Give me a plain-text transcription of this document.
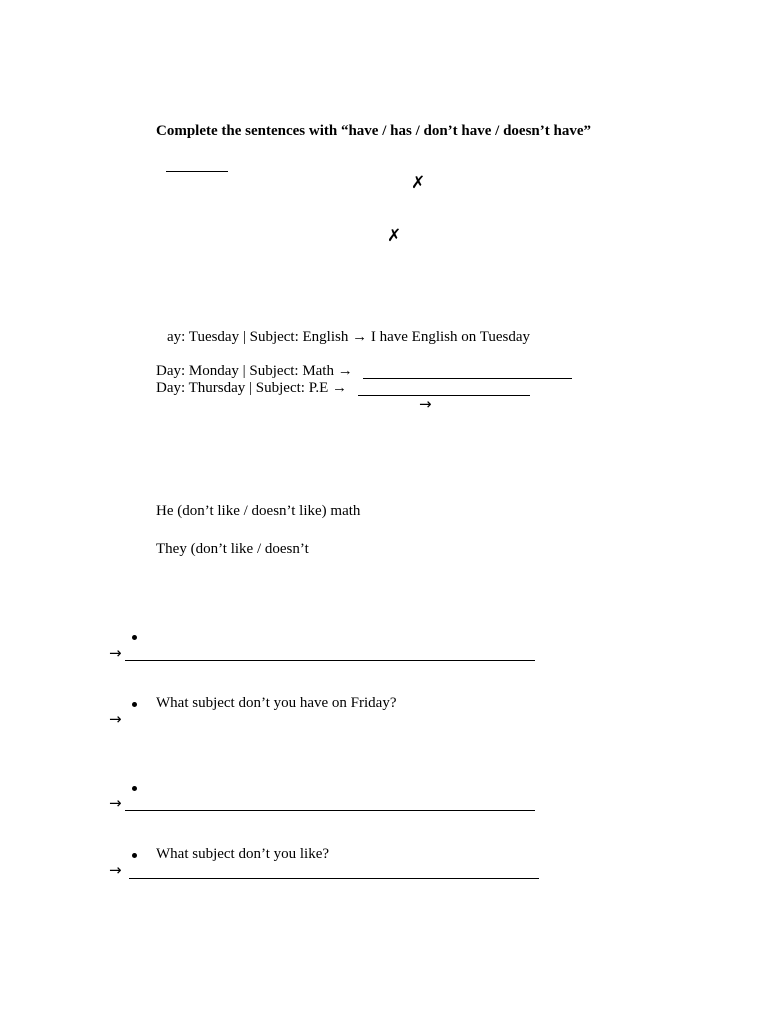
Complete the sentences with “have / has / don’t have / doesn’t have”
✗
✗
ay: Tuesday | Subject: English → I have English on Tuesday
Day: Monday | Subject: Math →
Day: Thursday | Subject: P.E →
→
He (don’t like / doesn’t like) math
They (don’t like / doesn’t
→
What subject don’t you have on Friday?
→
→
What subject don’t you like?
→
